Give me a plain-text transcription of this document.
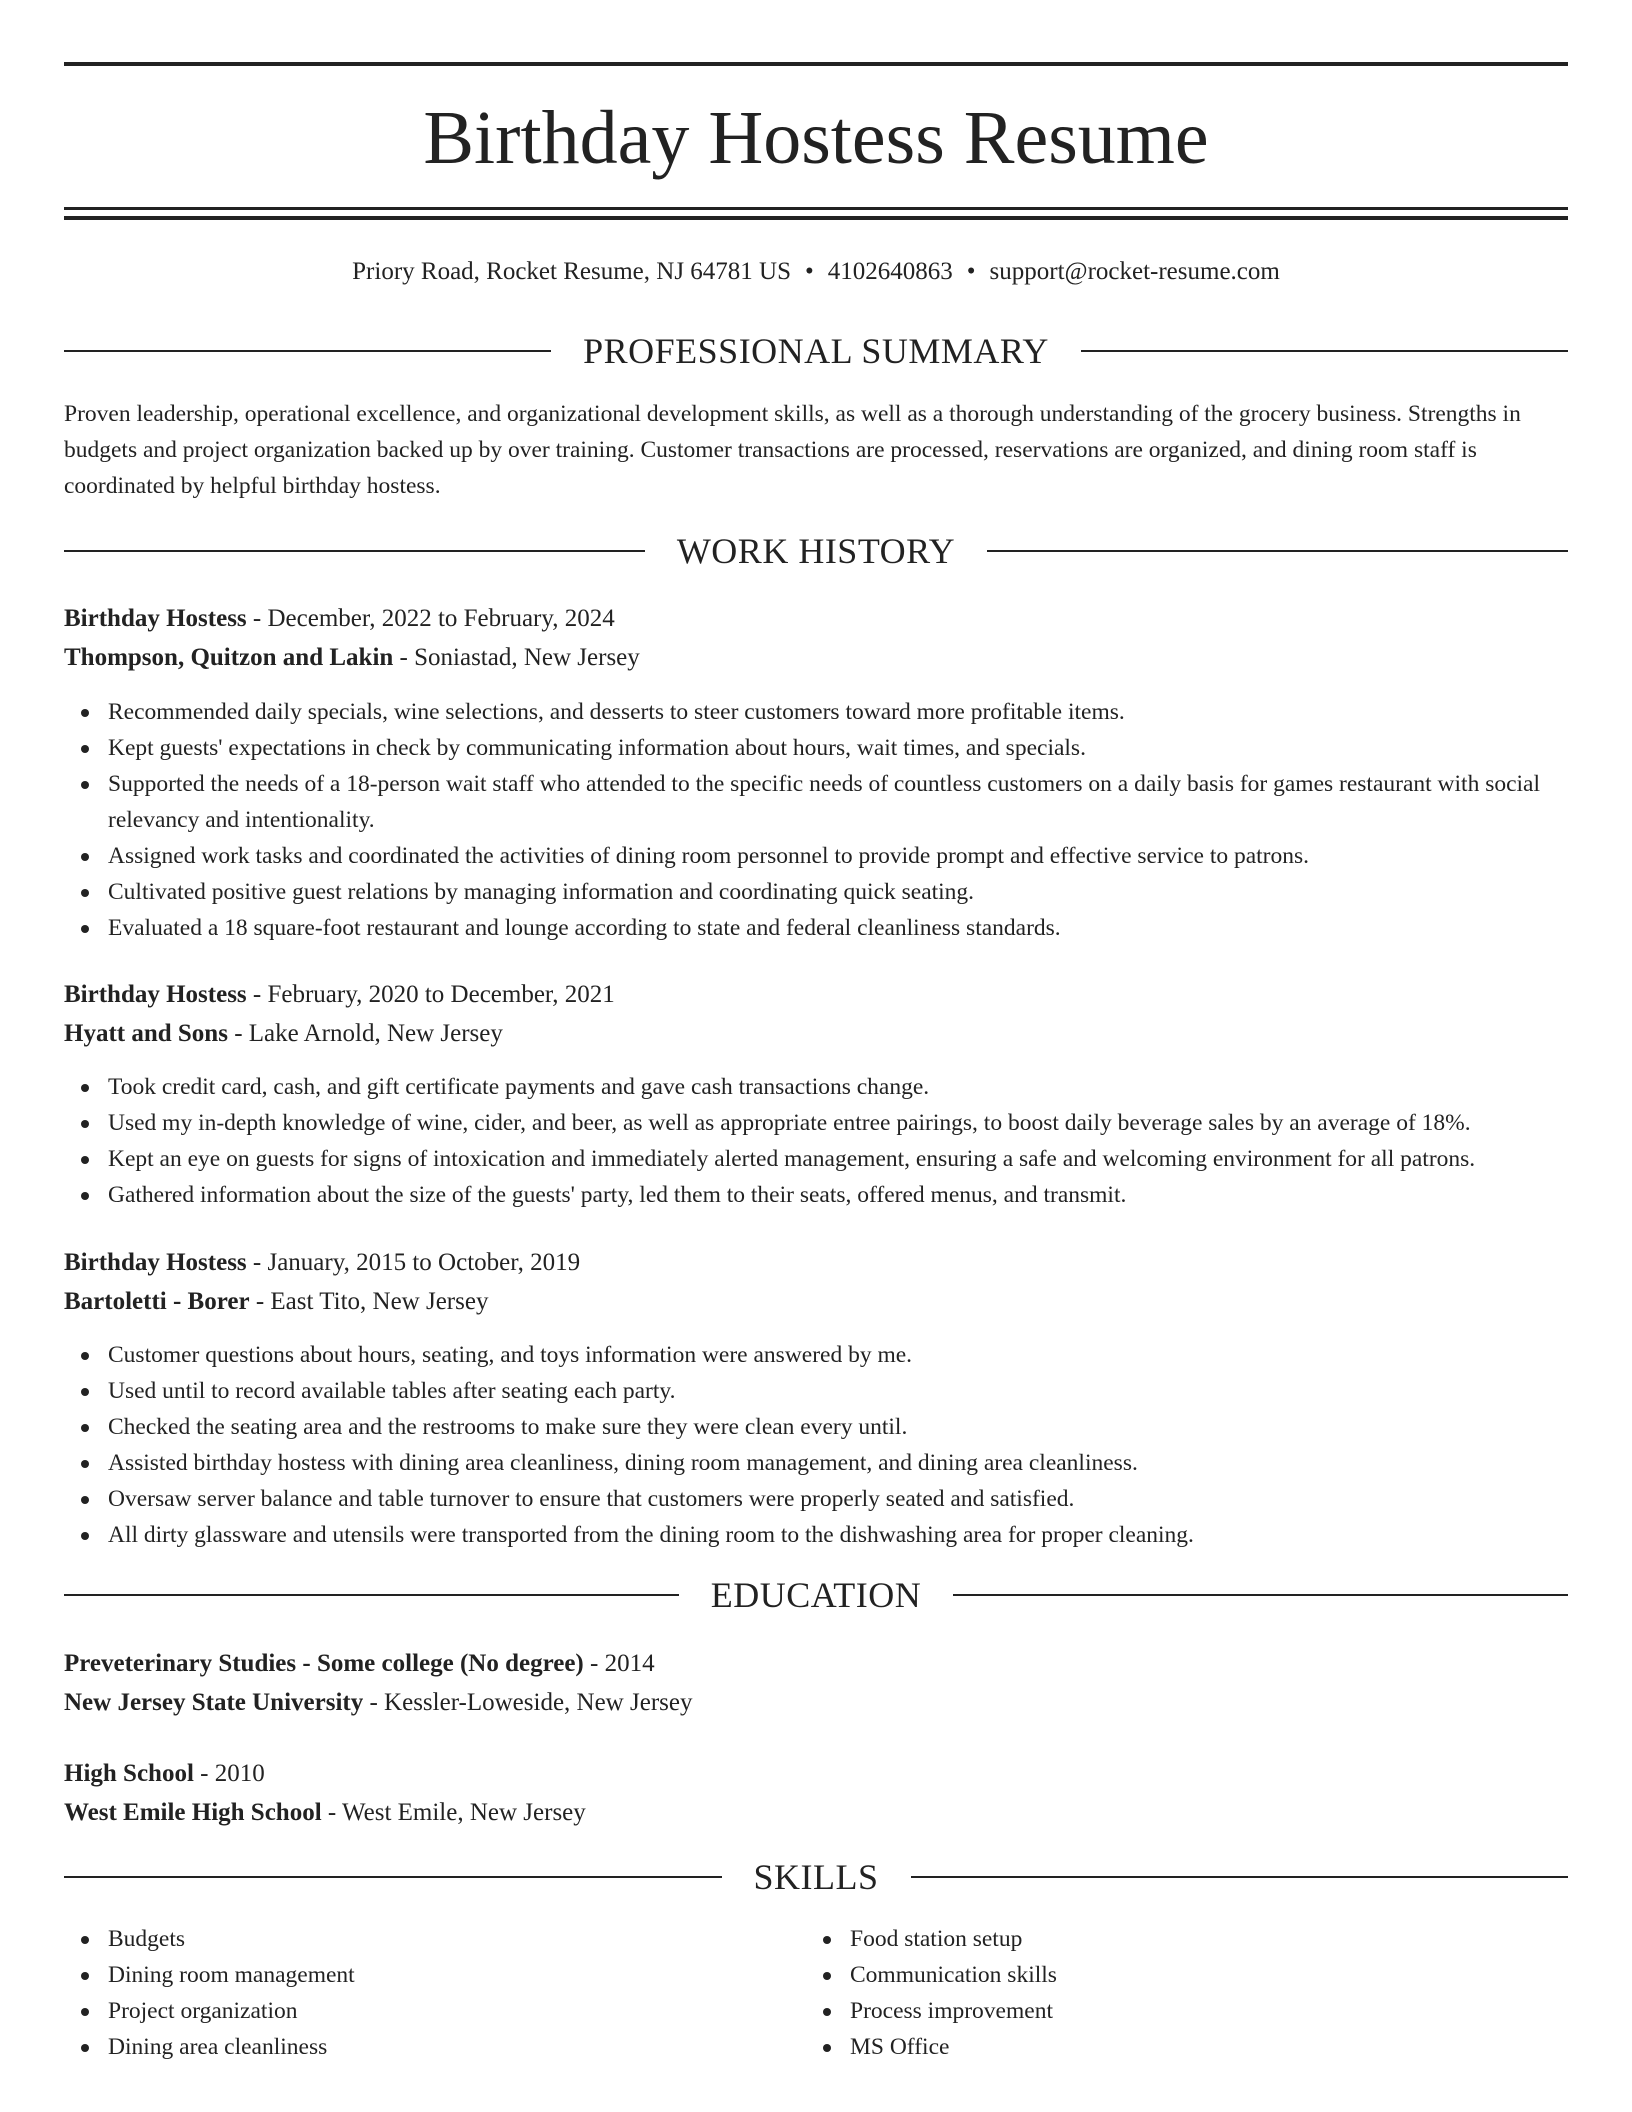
Birthday Hostess Resume
Priory Road, Rocket Resume, NJ 64781 US • 4102640863 • support@rocket-resume.com
PROFESSIONAL SUMMARY
Proven leadership, operational excellence, and organizational development skills, as well as a thorough understanding of the grocery business. Strengths in budgets and project organization backed up by over training. Customer transactions are processed, reservations are organized, and dining room staff is coordinated by helpful birthday hostess.
WORK HISTORY
Birthday Hostess - December, 2022 to February, 2024
Thompson, Quitzon and Lakin - Soniastad, New Jersey
Recommended daily specials, wine selections, and desserts to steer customers toward more profitable items.
Kept guests' expectations in check by communicating information about hours, wait times, and specials.
Supported the needs of a 18-person wait staff who attended to the specific needs of countless customers on a daily basis for games restaurant with social relevancy and intentionality.
Assigned work tasks and coordinated the activities of dining room personnel to provide prompt and effective service to patrons.
Cultivated positive guest relations by managing information and coordinating quick seating.
Evaluated a 18 square-foot restaurant and lounge according to state and federal cleanliness standards.
Birthday Hostess - February, 2020 to December, 2021
Hyatt and Sons - Lake Arnold, New Jersey
Took credit card, cash, and gift certificate payments and gave cash transactions change.
Used my in-depth knowledge of wine, cider, and beer, as well as appropriate entree pairings, to boost daily beverage sales by an average of 18%.
Kept an eye on guests for signs of intoxication and immediately alerted management, ensuring a safe and welcoming environment for all patrons.
Gathered information about the size of the guests' party, led them to their seats, offered menus, and transmit.
Birthday Hostess - January, 2015 to October, 2019
Bartoletti - Borer - East Tito, New Jersey
Customer questions about hours, seating, and toys information were answered by me.
Used until to record available tables after seating each party.
Checked the seating area and the restrooms to make sure they were clean every until.
Assisted birthday hostess with dining area cleanliness, dining room management, and dining area cleanliness.
Oversaw server balance and table turnover to ensure that customers were properly seated and satisfied.
All dirty glassware and utensils were transported from the dining room to the dishwashing area for proper cleaning.
EDUCATION
Preveterinary Studies - Some college (No degree) - 2014
New Jersey State University - Kessler-Loweside, New Jersey
High School - 2010
West Emile High School - West Emile, New Jersey
SKILLS
Budgets
Dining room management
Project organization
Dining area cleanliness
Food station setup
Communication skills
Process improvement
MS Office
